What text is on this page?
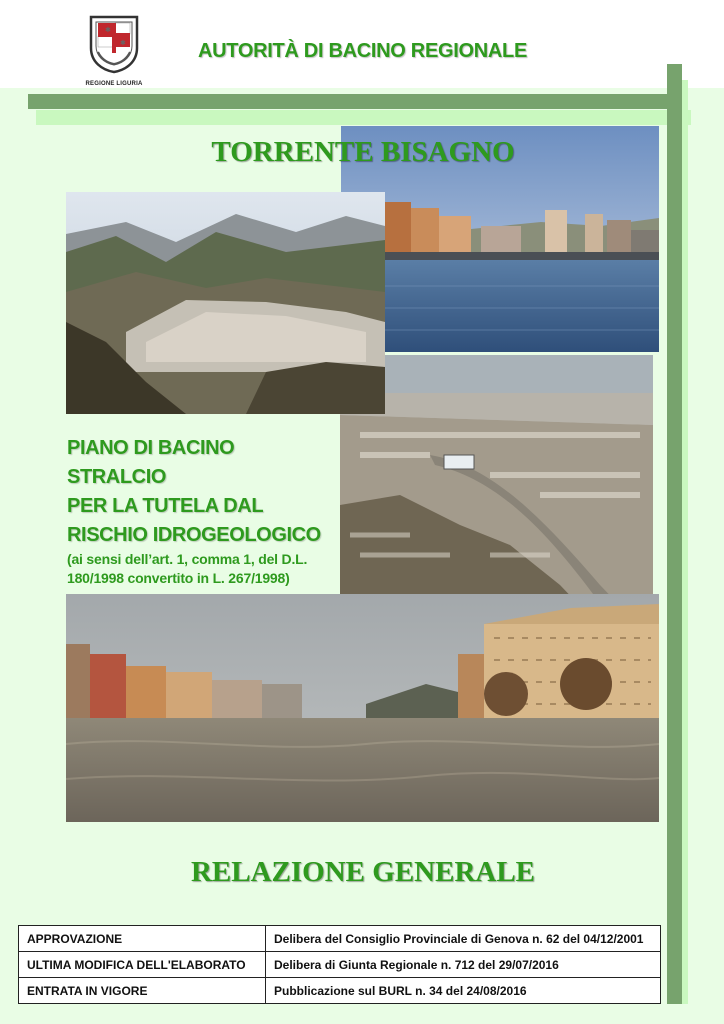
✱
✱
REGIONE LIGURIA
AUTORITÀ DI BACINO REGIONALE
TORRENTE BISAGNO
PIANO DI BACINO
STRALCIO
PER LA TUTELA DAL
RISCHIO IDROGEOLOGICO
(ai sensi dell’art. 1, comma 1, del D.L.
180/1998 convertito in L. 267/1998)
RELAZIONE GENERALE
APPROVAZIONE	Delibera del Consiglio Provinciale di Genova n. 62 del 04/12/2001
ULTIMA MODIFICA DELL'ELABORATO	Delibera di Giunta Regionale n. 712 del 29/07/2016
ENTRATA IN VIGORE	Pubblicazione sul BURL n. 34 del 24/08/2016
